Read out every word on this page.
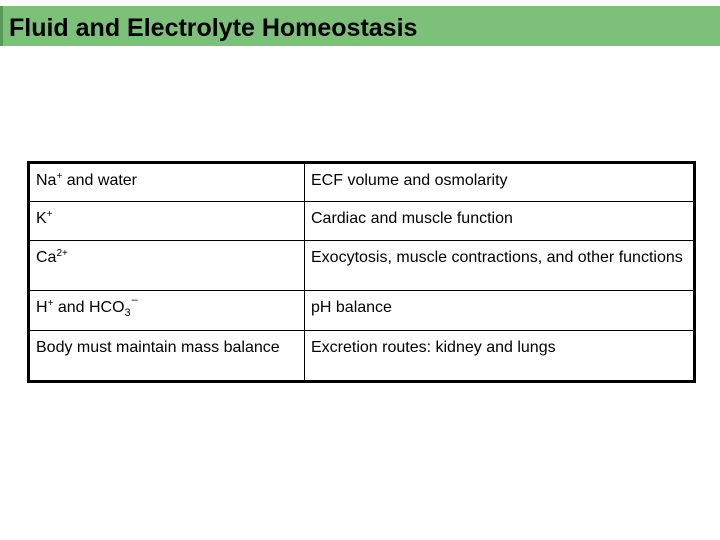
Fluid and Electrolyte Homeostasis
Na+ and water	ECF volume and osmolarity
K+	Cardiac and muscle function
$Ca^{2+}$	Exocytosis, muscle contractions, and other functions
H+ and $HCO_3^-$	pH balance
Body must maintain mass balance	Excretion routes: kidney and lungs
